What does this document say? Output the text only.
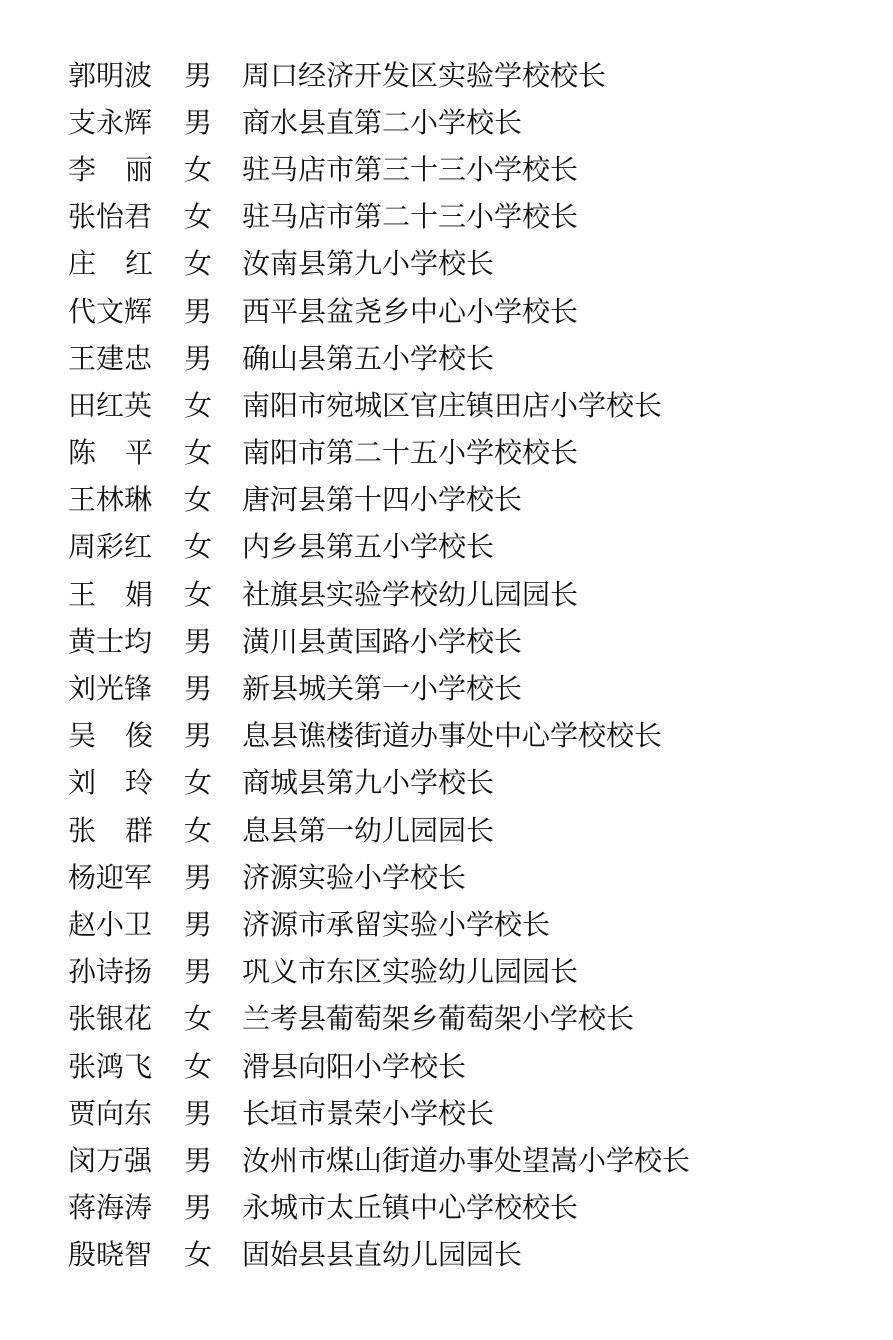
郭明波	男	周口经济开发区实验学校校长
支永辉	男	商水县直第二小学校长
李 丽 女	驻马店市第三十三小学校长
张怡君	女	驻马店市第二十三小学校长
庄 红 女	汝南县第九小学校长
代文辉	男	西平县盆尧乡中心小学校长
王建忠	男	确山县第五小学校长
田红英	女	南阳市宛城区官庄镇田店小学校长
陈 平 女	南阳市第二十五小学校校长
王林琳	女	唐河县第十四小学校长
周彩红	女	内乡县第五小学校长
王 娟 女	社旗县实验学校幼儿园园长
黄士均	男	潢川县黄国路小学校长
刘光锋	男	新县城关第一小学校长
吴 俊 男	息县谯楼街道办事处中心学校校长
刘 玲 女	商城县第九小学校长
张 群 女	息县第一幼儿园园长
杨迎军	男	济源实验小学校长
赵小卫	男	济源市承留实验小学校长
孙诗扬	男	巩义市东区实验幼儿园园长
张银花	女	兰考县葡萄架乡葡萄架小学校长
张鸿飞	女	滑县向阳小学校长
贾向东	男	长垣市景荣小学校长
闵万强	男	汝州市煤山街道办事处望嵩小学校长
蒋海涛	男	永城市太丘镇中心学校校长
殷晓智	女	固始县县直幼儿园园长
